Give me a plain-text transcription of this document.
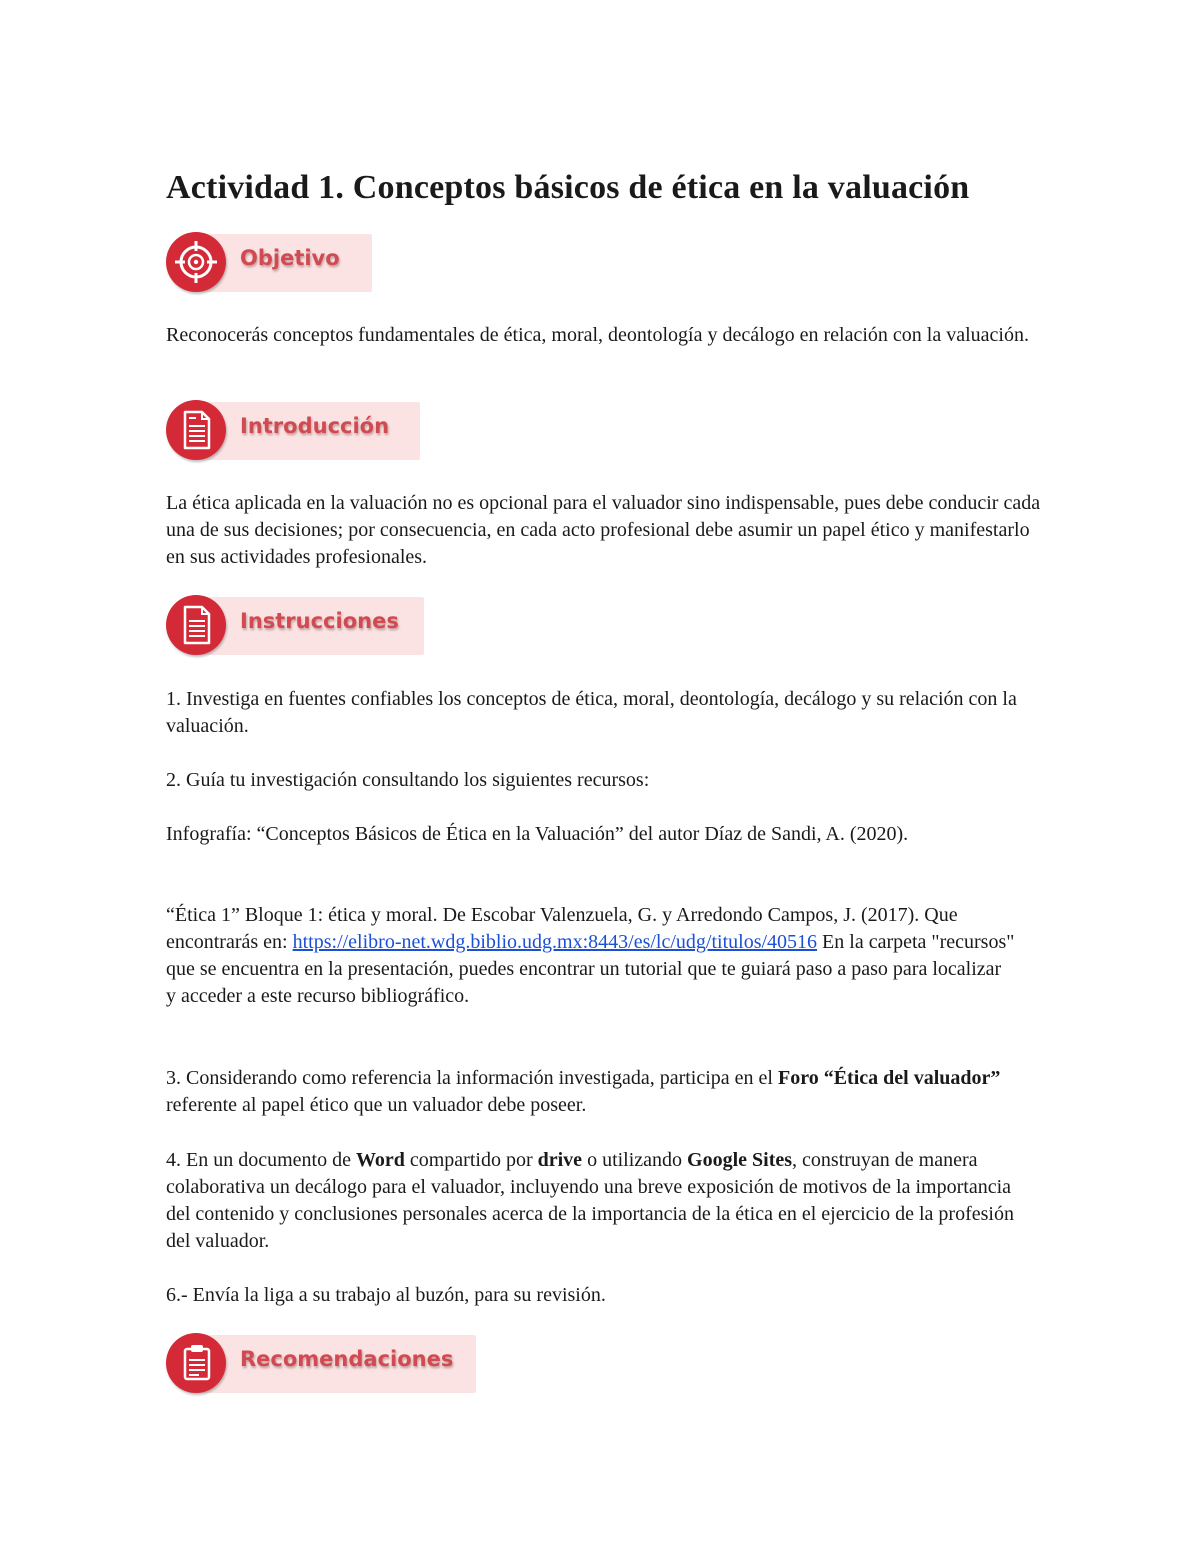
Actividad 1. Conceptos básicos de ética en la valuación
Objetivo

Reconocerás conceptos fundamentales de ética, moral, deontología y decálogo en relación con la valuación.

Introducción

La ética aplicada en la valuación no es opcional para el valuador sino indispensable, pues debe conducir cada una de sus decisiones; por consecuencia, en cada acto profesional debe asumir un papel ético y manifestarlo en sus actividades profesionales.

Instrucciones

1. Investiga en fuentes confiables los conceptos de ética, moral, deontología, decálogo y su relación con la valuación.

2. Guía tu investigación consultando los siguientes recursos:

Infografía: “Conceptos Básicos de Ética en la Valuación” del autor Díaz de Sandi, A. (2020).

“Ética 1” Bloque 1: ética y moral. De Escobar Valenzuela, G. y Arredondo Campos, J. (2017). Que encontrarás en: https://elibro-net.wdg.biblio.udg.mx:8443/es/lc/udg/titulos/40516 En la carpeta "recursos" que se encuentra en la presentación, puedes encontrar un tutorial que te guiará paso a paso para localizar y acceder a este recurso bibliográfico.

3. Considerando como referencia la información investigada, participa en el Foro “Ética del valuador” referente al papel ético que un valuador debe poseer.

4. En un documento de Word compartido por drive o utilizando Google Sites, construyan de manera colaborativa un decálogo para el valuador, incluyendo una breve exposición de motivos de la importancia del contenido y conclusiones personales acerca de la importancia de la ética en el ejercicio de la profesión del valuador.

6.- Envía la liga a su trabajo al buzón, para su revisión.

Recomendaciones
